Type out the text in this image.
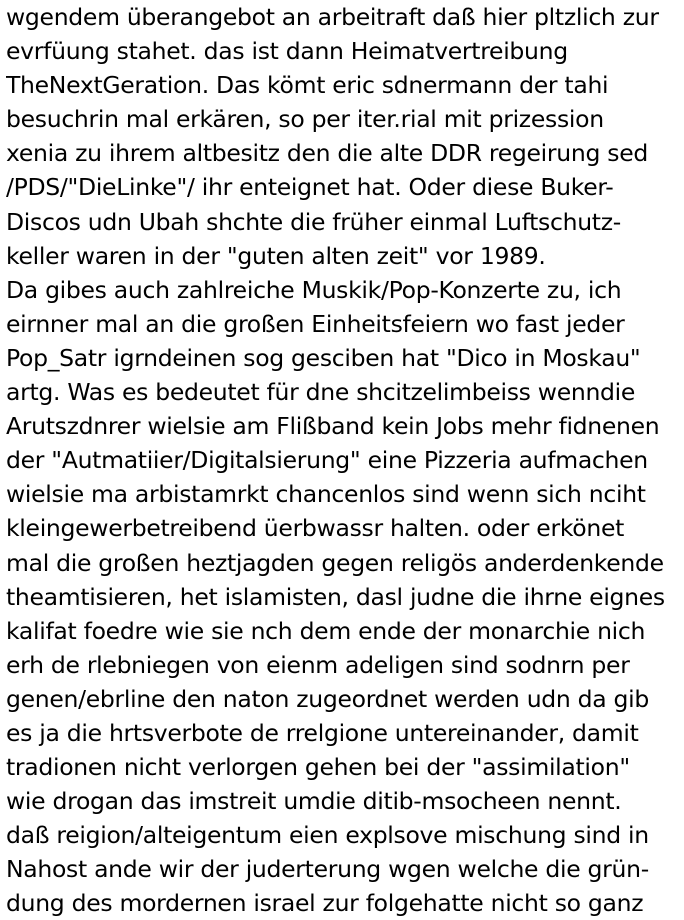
wgendem überangebot an arbeitraft daß hier pltzlich zur
evrfüung stahet. das ist dann Heimatvertreibung
TheNextGeration. Das kömt eric sdnermann der tahi
besuchrin mal erkären, so per iter.rial mit prizession
xenia zu ihrem altbesitz den die alte DDR regeirung sed
/PDS/"DieLinke"/ ihr enteignet hat. Oder diese Buker-
Discos udn Ubah shchte die früher einmal Luftschutz-
keller waren in der "guten alten zeit" vor 1989.
Da gibes auch zahlreiche Muskik/Pop-Konzerte zu, ich
eirnner mal an die großen Einheitsfeiern wo fast jeder
Pop_Satr igrndeinen sog gesciben hat "Dico in Moskau"
artg. Was es bedeutet für dne shcitzelimbeiss wenndie
Arutszdnrer wielsie am Flißband kein Jobs mehr fidnenen
der "Autmatiier/Digitalsierung" eine Pizzeria aufmachen
wielsie ma arbistamrkt chancenlos sind wenn sich nciht
kleingewerbetreibend üerbwassr halten. oder erkönet
mal die großen heztjagden gegen religös anderdenkende
theamtisieren, het islamisten, dasl judne die ihrne eignes
kalifat foedre wie sie nch dem ende der monarchie nich
erh de rlebniegen von eienm adeligen sind sodnrn per
genen/ebrline den naton zugeordnet werden udn da gib
es ja die hrtsverbote de rrelgione untereinander, damit
tradionen nicht verlorgen gehen bei der "assimilation"
wie drogan das imstreit umdie ditib-msocheen nennt.
daß reigion/alteigentum eien explsove mischung sind in
Nahost ande wir der juderterung wgen welche die grün-
dung des mordernen israel zur folgehatte nicht so ganz
